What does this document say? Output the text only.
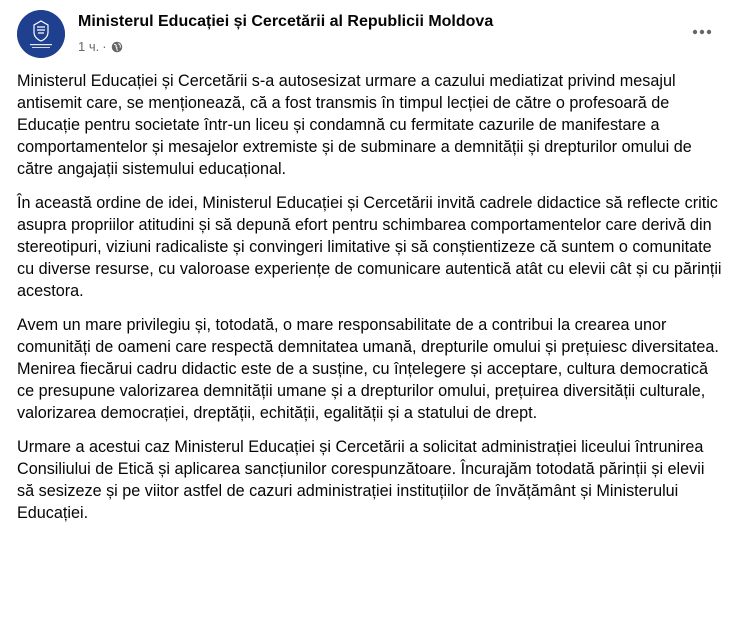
Ministerul Educației și Cercetării al Republicii Moldova
1 ч. ·

Ministerul Educației și Cercetării s-a autosesizat urmare a cazului mediatizat privind mesajul antisemit care, se menționează, că a fost transmis în timpul lecției de către o profesoară de Educație pentru societate într-un liceu și condamnă cu fermitate cazurile de manifestare a comportamentelor și mesajelor extremiste și de subminare a demnității și drepturilor omului de către angajații sistemului educațional.

În această ordine de idei, Ministerul Educației și Cercetării invită cadrele didactice să reflecte critic asupra propriilor atitudini și să depună efort pentru schimbarea comportamentelor care derivă din stereotipuri, viziuni radicaliste și convingeri limitative și să conștientizeze că suntem o comunitate cu diverse resurse, cu valoroase experiențe de comunicare autentică atât cu elevii cât și cu părinții acestora.

Avem un mare privilegiu și, totodată, o mare responsabilitate de a contribui la crearea unor comunități de oameni care respectă demnitatea umană, drepturile omului și prețuiesc diversitatea. Menirea fiecărui cadru didactic este de a susține, cu înțelegere și acceptare, cultura democratică ce presupune valorizarea demnității umane și a drepturilor omului, prețuirea diversității culturale, valorizarea democrației, dreptății, echității, egalității și a statului de drept.

Urmare a acestui caz Ministerul Educației și Cercetării a solicitat administrației liceului întrunirea Consiliului de Etică și aplicarea sancțiunilor corespunzătoare. Încurajăm totodată părinții și elevii să sesizeze și pe viitor astfel de cazuri administrației instituțiilor de învățământ și Ministerului Educației.
